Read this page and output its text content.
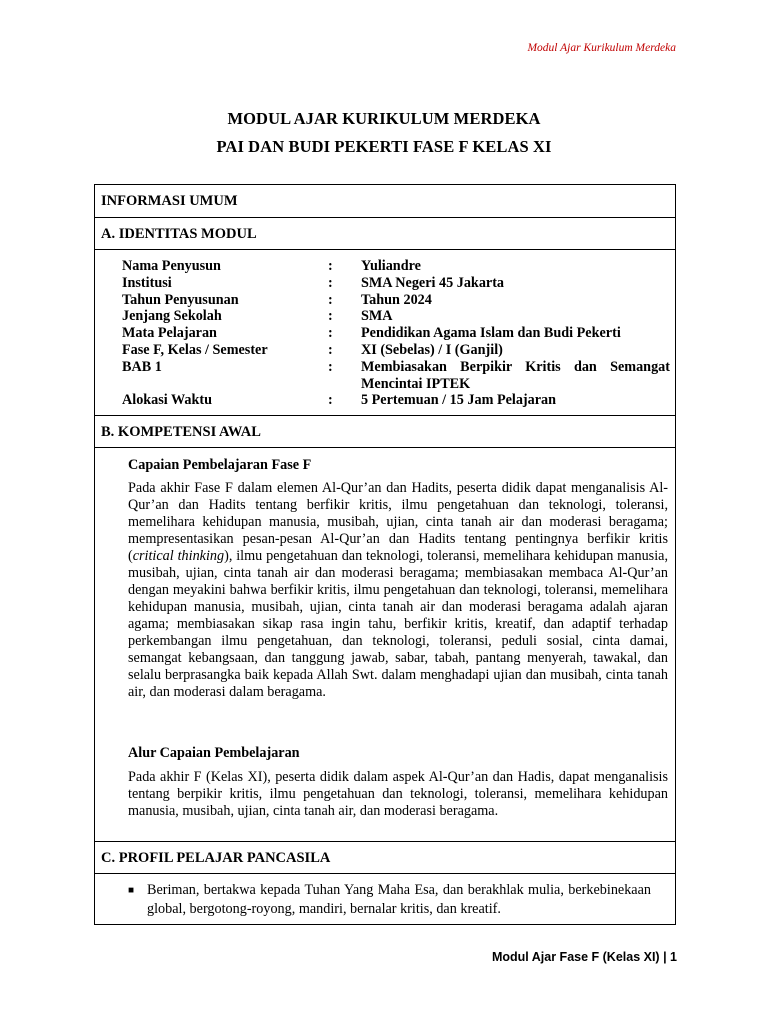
Modul Ajar Kurikulum Merdeka
MODUL AJAR KURIKULUM MERDEKA
PAI DAN BUDI PEKERTI FASE F KELAS XI
INFORMASI UMUM
A. IDENTITAS MODUL
Nama Penyusun	:	Yuliandre
Institusi	:	SMA Negeri 45 Jakarta
Tahun Penyusunan	:	Tahun 2024
Jenjang Sekolah	:	SMA
Mata Pelajaran	:	Pendidikan Agama Islam dan Budi Pekerti
Fase F, Kelas / Semester	:	XI (Sebelas) / I (Ganjil)
BAB 1	:	Membiasakan Berpikir Kritis dan Semangat Mencintai IPTEK
Alokasi Waktu	:	5 Pertemuan / 15 Jam Pelajaran
B. KOMPETENSI AWAL
Capaian Pembelajaran Fase F
Pada akhir Fase F dalam elemen Al-Qur’an dan Hadits, peserta didik dapat menganalisis Al-Qur’an dan Hadits tentang berfikir kritis, ilmu pengetahuan dan teknologi, toleransi, memelihara kehidupan manusia, musibah, ujian, cinta tanah air dan moderasi beragama; mempresentasikan pesan-pesan Al-Qur’an dan Hadits tentang pentingnya berfikir kritis (critical thinking), ilmu pengetahuan dan teknologi, toleransi, memelihara kehidupan manusia, musibah, ujian, cinta tanah air dan moderasi beragama; membiasakan membaca Al-Qur’an dengan meyakini bahwa berfikir kritis, ilmu pengetahuan dan teknologi, toleransi, memelihara kehidupan manusia, musibah, ujian, cinta tanah air dan moderasi beragama adalah ajaran agama; membiasakan sikap rasa ingin tahu, berfikir kritis, kreatif, dan adaptif terhadap perkembangan ilmu pengetahuan, dan teknologi, toleransi, peduli sosial, cinta damai, semangat kebangsaan, dan tanggung jawab, sabar, tabah, pantang menyerah, tawakal, dan selalu berprasangka baik kepada Allah Swt. dalam menghadapi ujian dan musibah, cinta tanah air, dan moderasi dalam beragama.
Alur Capaian Pembelajaran
Pada akhir F (Kelas XI), peserta didik dalam aspek Al-Qur’an dan Hadis, dapat menganalisis tentang berpikir kritis, ilmu pengetahuan dan teknologi, toleransi, memelihara kehidupan manusia, musibah, ujian, cinta tanah air, dan moderasi beragama.
C. PROFIL PELAJAR PANCASILA
■ Beriman, bertakwa kepada Tuhan Yang Maha Esa, dan berakhlak mulia, berkebinekaan global, bergotong-royong, mandiri, bernalar kritis, dan kreatif.
Modul Ajar Fase F (Kelas XI) | 1
